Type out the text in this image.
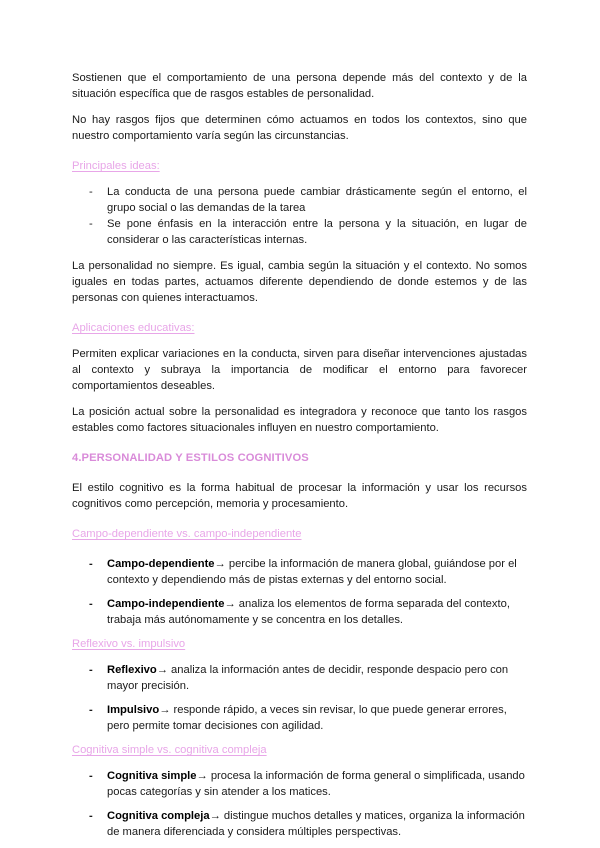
Sostienen que el comportamiento de una persona depende más del contexto y de la situación específica que de rasgos estables de personalidad.

No hay rasgos fijos que determinen cómo actuamos en todos los contextos, sino que nuestro comportamiento varía según las circunstancias.

Principales ideas:

- La conducta de una persona puede cambiar drásticamente según el entorno, el grupo social o las demandas de la tarea
- Se pone énfasis en la interacción entre la persona y la situación, en lugar de considerar o las características internas.

La personalidad no siempre. Es igual, cambia según la situación y el contexto. No somos iguales en todas partes, actuamos diferente dependiendo de donde estemos y de las personas con quienes interactuamos.

Aplicaciones educativas:

Permiten explicar variaciones en la conducta, sirven para diseñar intervenciones ajustadas al contexto y subraya la importancia de modificar el entorno para favorecer comportamientos deseables.

La posición actual sobre la personalidad es integradora y reconoce que tanto los rasgos estables como factores situacionales influyen en nuestro comportamiento.

4.PERSONALIDAD Y ESTILOS COGNITIVOS

El estilo cognitivo es la forma habitual de procesar la información y usar los recursos cognitivos como percepción, memoria y procesamiento.

Campo-dependiente vs. campo-independiente

- Campo-dependiente→ percibe la información de manera global, guiándose por el contexto y dependiendo más de pistas externas y del entorno social.
- Campo-independiente→ analiza los elementos de forma separada del contexto, trabaja más autónomamente y se concentra en los detalles.

Reflexivo vs. impulsivo

- Reflexivo→ analiza la información antes de decidir, responde despacio pero con mayor precisión.
- Impulsivo→ responde rápido, a veces sin revisar, lo que puede generar errores, pero permite tomar decisiones con agilidad.

Cognitiva simple vs. cognitiva compleja

- Cognitiva simple→ procesa la información de forma general o simplificada, usando pocas categorías y sin atender a los matices.
- Cognitiva compleja→ distingue muchos detalles y matices, organiza la información de manera diferenciada y considera múltiples perspectivas.
